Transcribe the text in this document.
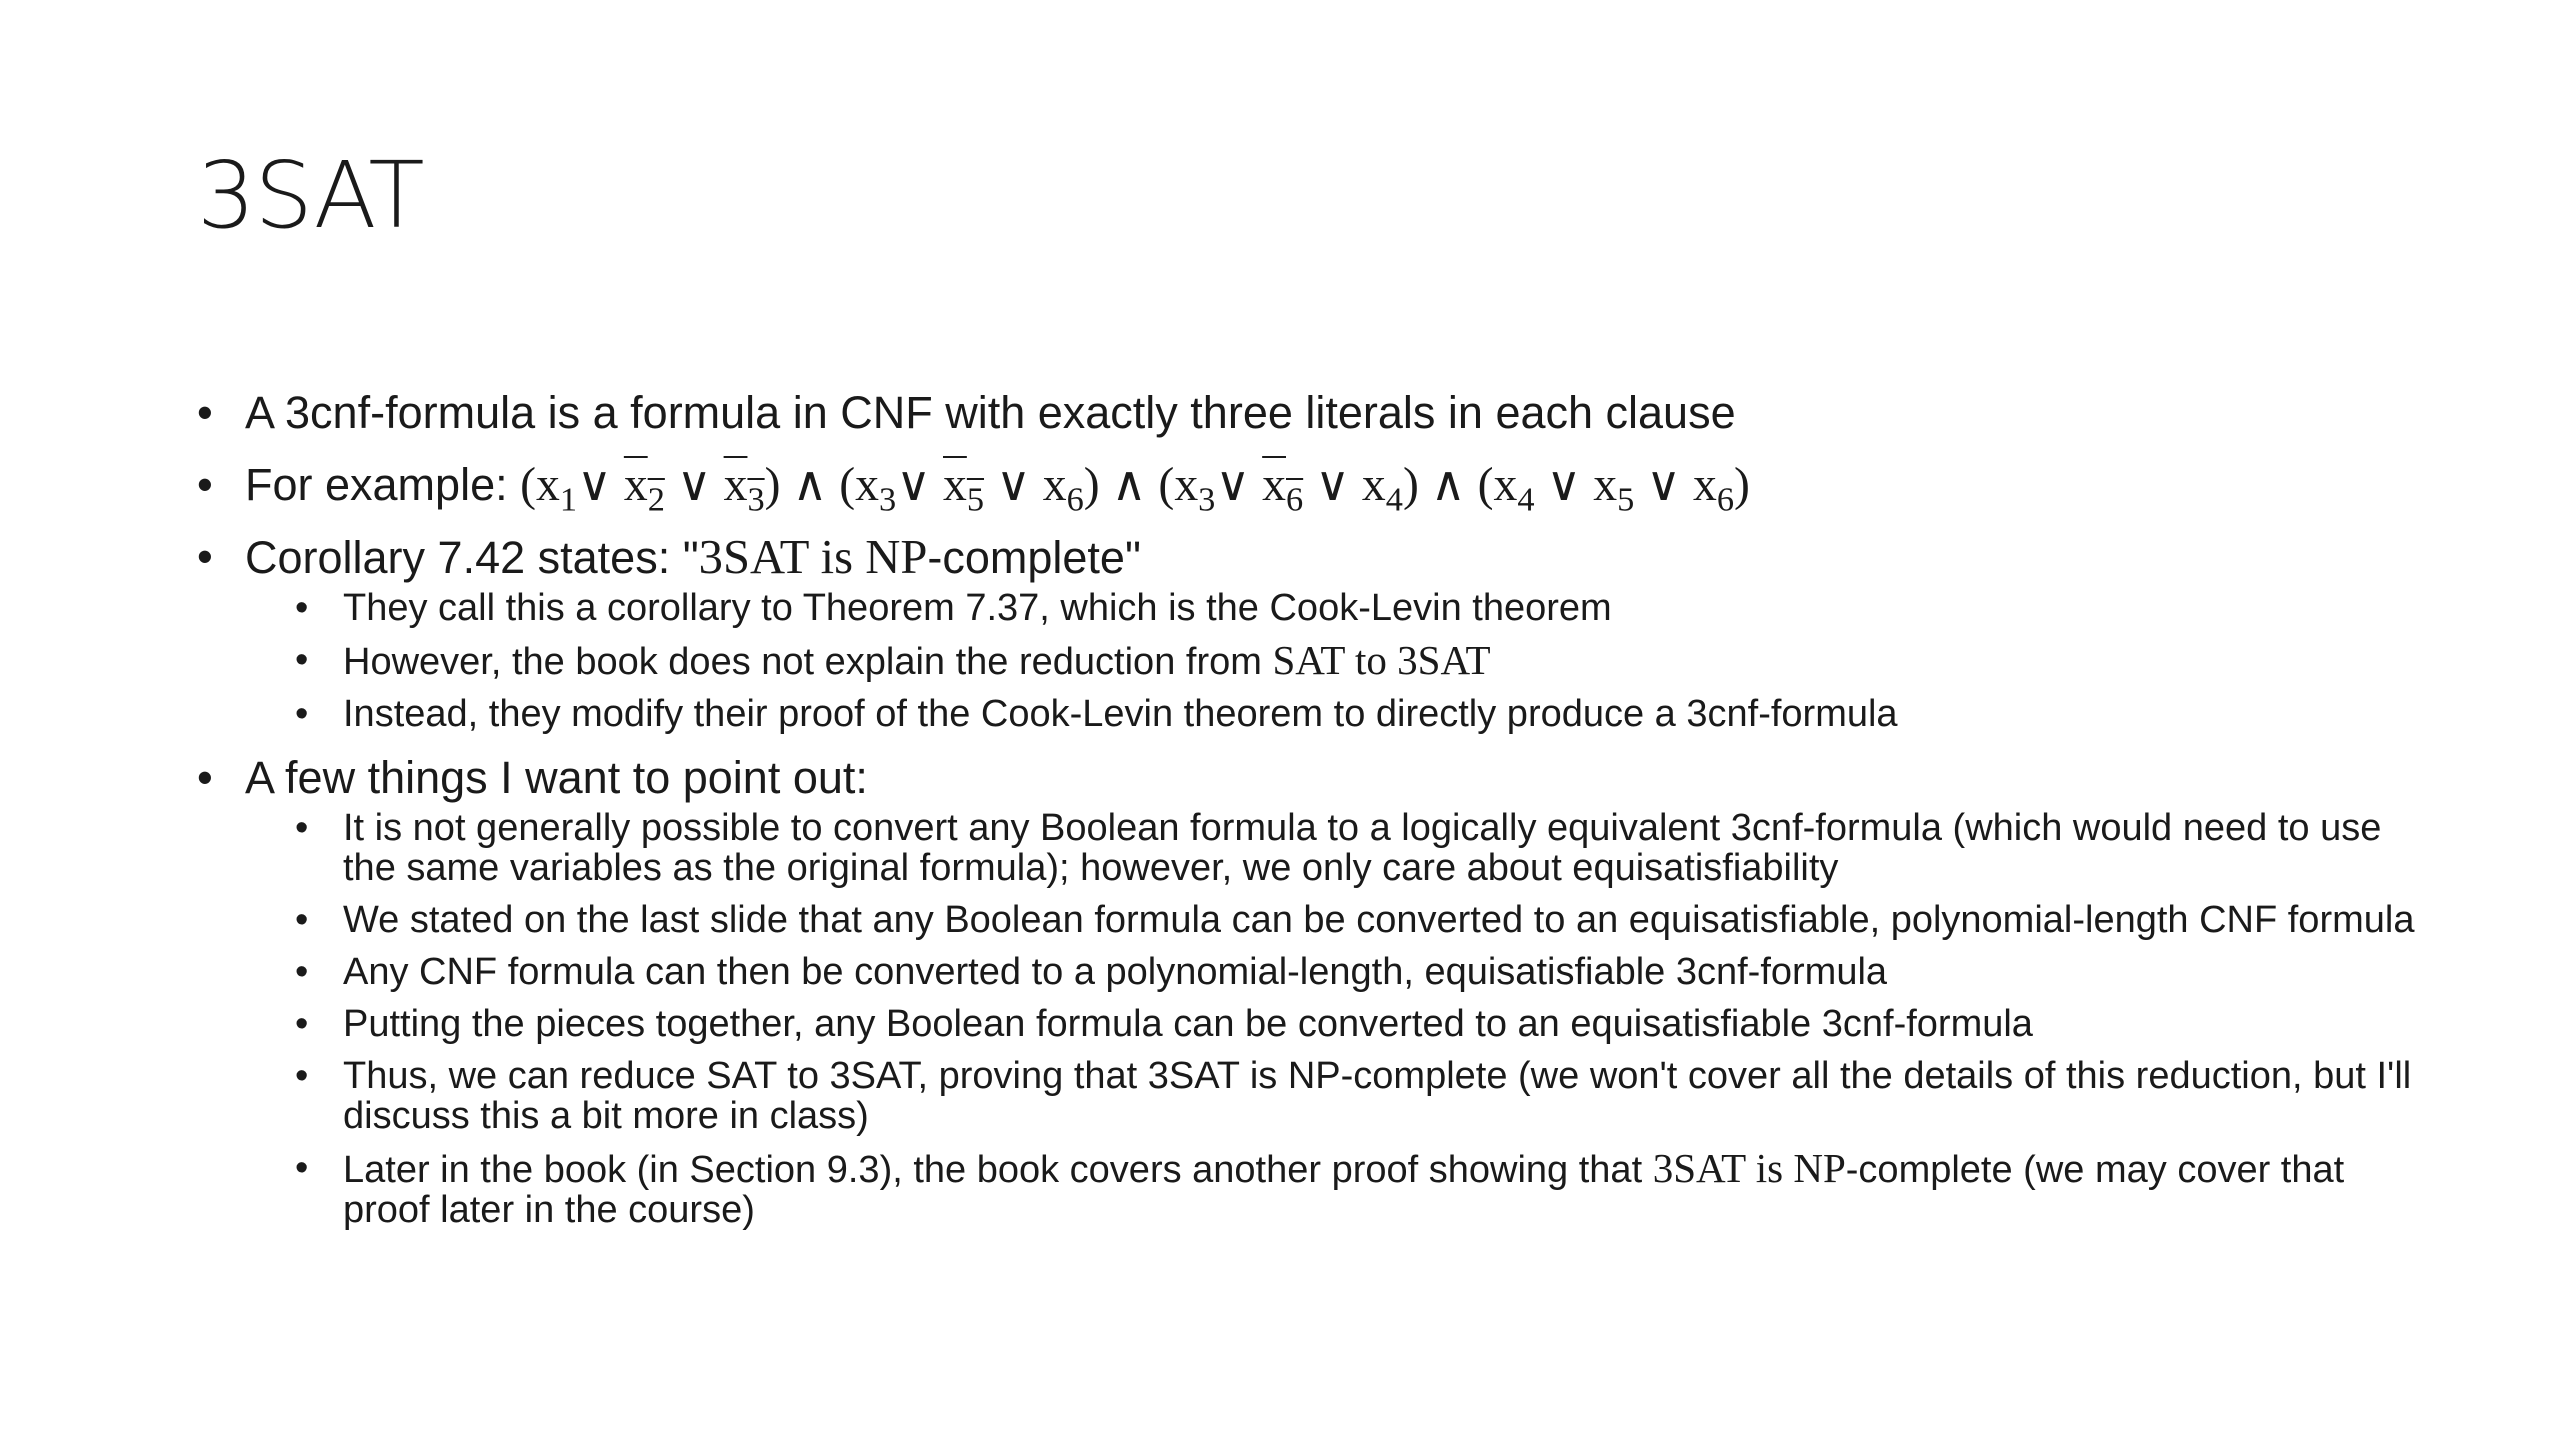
3SAT
• A 3cnf-formula is a formula in CNF with exactly three literals in each clause
• For example: ($x_1\vee$ $x_2$ ∨ $x_3$) ∧ ($x_3\vee$ $x_5$ ∨ $x_6$) ∧ ($x_3\vee$ $x_6$ ∨ $x_4$) ∧ ($x_4$ ∨ $x_5$ ∨ $x_6$)
• Corollary 7.42 states: "3SAT is NP-complete"
• They call this a corollary to Theorem 7.37, which is the Cook-Levin theorem
• However, the book does not explain the reduction from SAT to 3SAT
• Instead, they modify their proof of the Cook-Levin theorem to directly produce a 3cnf-formula
• A few things I want to point out:
• It is not generally possible to convert any Boolean formula to a logically equivalent 3cnf-formula (which would need to use the same variables as the original formula); however, we only care about equisatisfiability
• We stated on the last slide that any Boolean formula can be converted to an equisatisfiable, polynomial-length CNF formula
• Any CNF formula can then be converted to a polynomial-length, equisatisfiable 3cnf-formula
• Putting the pieces together, any Boolean formula can be converted to an equisatisfiable 3cnf-formula
• Thus, we can reduce SAT to 3SAT, proving that 3SAT is NP-complete (we won't cover all the details of this reduction, but I'll discuss this a bit more in class)
• Later in the book (in Section 9.3), the book covers another proof showing that 3SAT is NP-complete (we may cover that proof later in the course)
